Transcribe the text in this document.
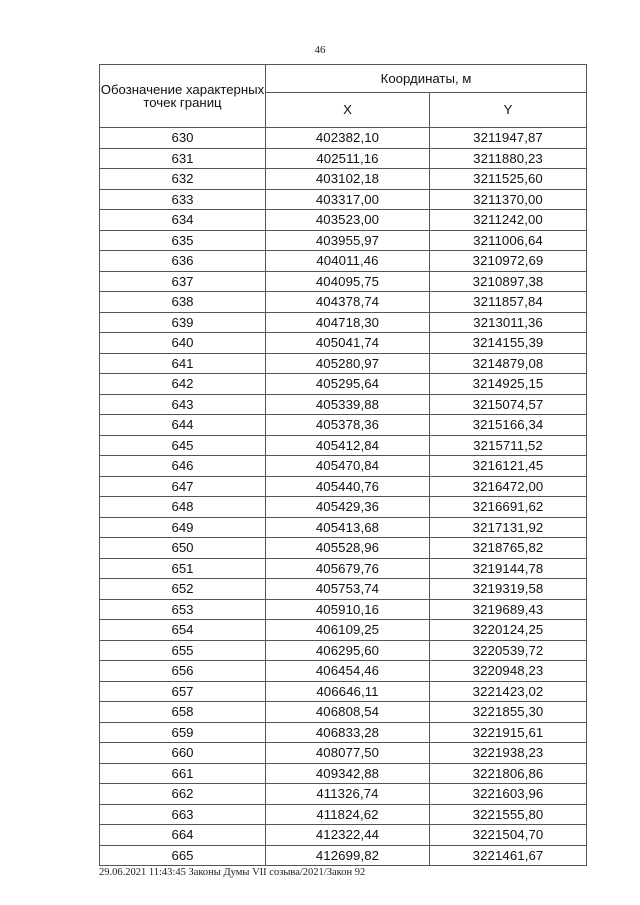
46
Обозначение характерных точек границ	Координаты, м	
	X	Y
630	402382,10	3211947,87
631	402511,16	3211880,23
632	403102,18	3211525,60
633	403317,00	3211370,00
634	403523,00	3211242,00
635	403955,97	3211006,64
636	404011,46	3210972,69
637	404095,75	3210897,38
638	404378,74	3211857,84
639	404718,30	3213011,36
640	405041,74	3214155,39
641	405280,97	3214879,08
642	405295,64	3214925,15
643	405339,88	3215074,57
644	405378,36	3215166,34
645	405412,84	3215711,52
646	405470,84	3216121,45
647	405440,76	3216472,00
648	405429,36	3216691,62
649	405413,68	3217131,92
650	405528,96	3218765,82
651	405679,76	3219144,78
652	405753,74	3219319,58
653	405910,16	3219689,43
654	406109,25	3220124,25
655	406295,60	3220539,72
656	406454,46	3220948,23
657	406646,11	3221423,02
658	406808,54	3221855,30
659	406833,28	3221915,61
660	408077,50	3221938,23
661	409342,88	3221806,86
662	411326,74	3221603,96
663	411824,62	3221555,80
664	412322,44	3221504,70
665	412699,82	3221461,67
29.06.2021 11:43:45 Законы Думы VII созыва/2021/Закон 92
